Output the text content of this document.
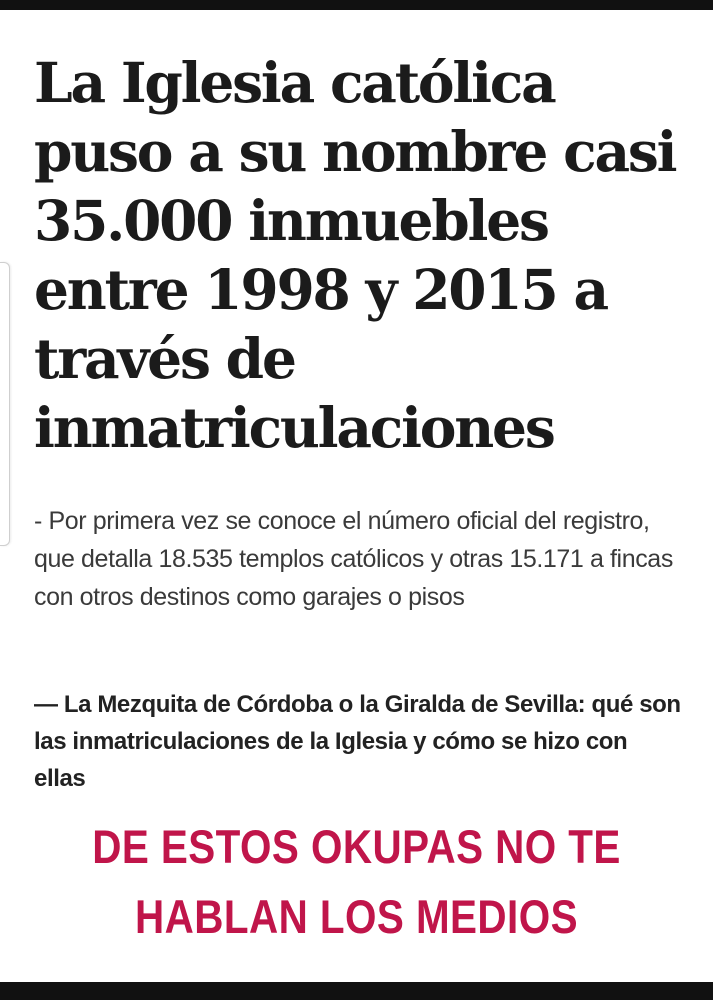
La Iglesia católica
puso a su nombre casi
35.000 inmuebles
entre 1998 y 2015 a
través de
inmatriculaciones

- Por primera vez se conoce el número oficial del registro, que detalla 18.535 templos católicos y otras 15.171 a fincas con otros destinos como garajes o pisos

— La Mezquita de Córdoba o la Giralda de Sevilla: qué son las inmatriculaciones de la Iglesia y cómo se hizo con ellas

DE ESTOS OKUPAS NO TE
HABLAN LOS MEDIOS
